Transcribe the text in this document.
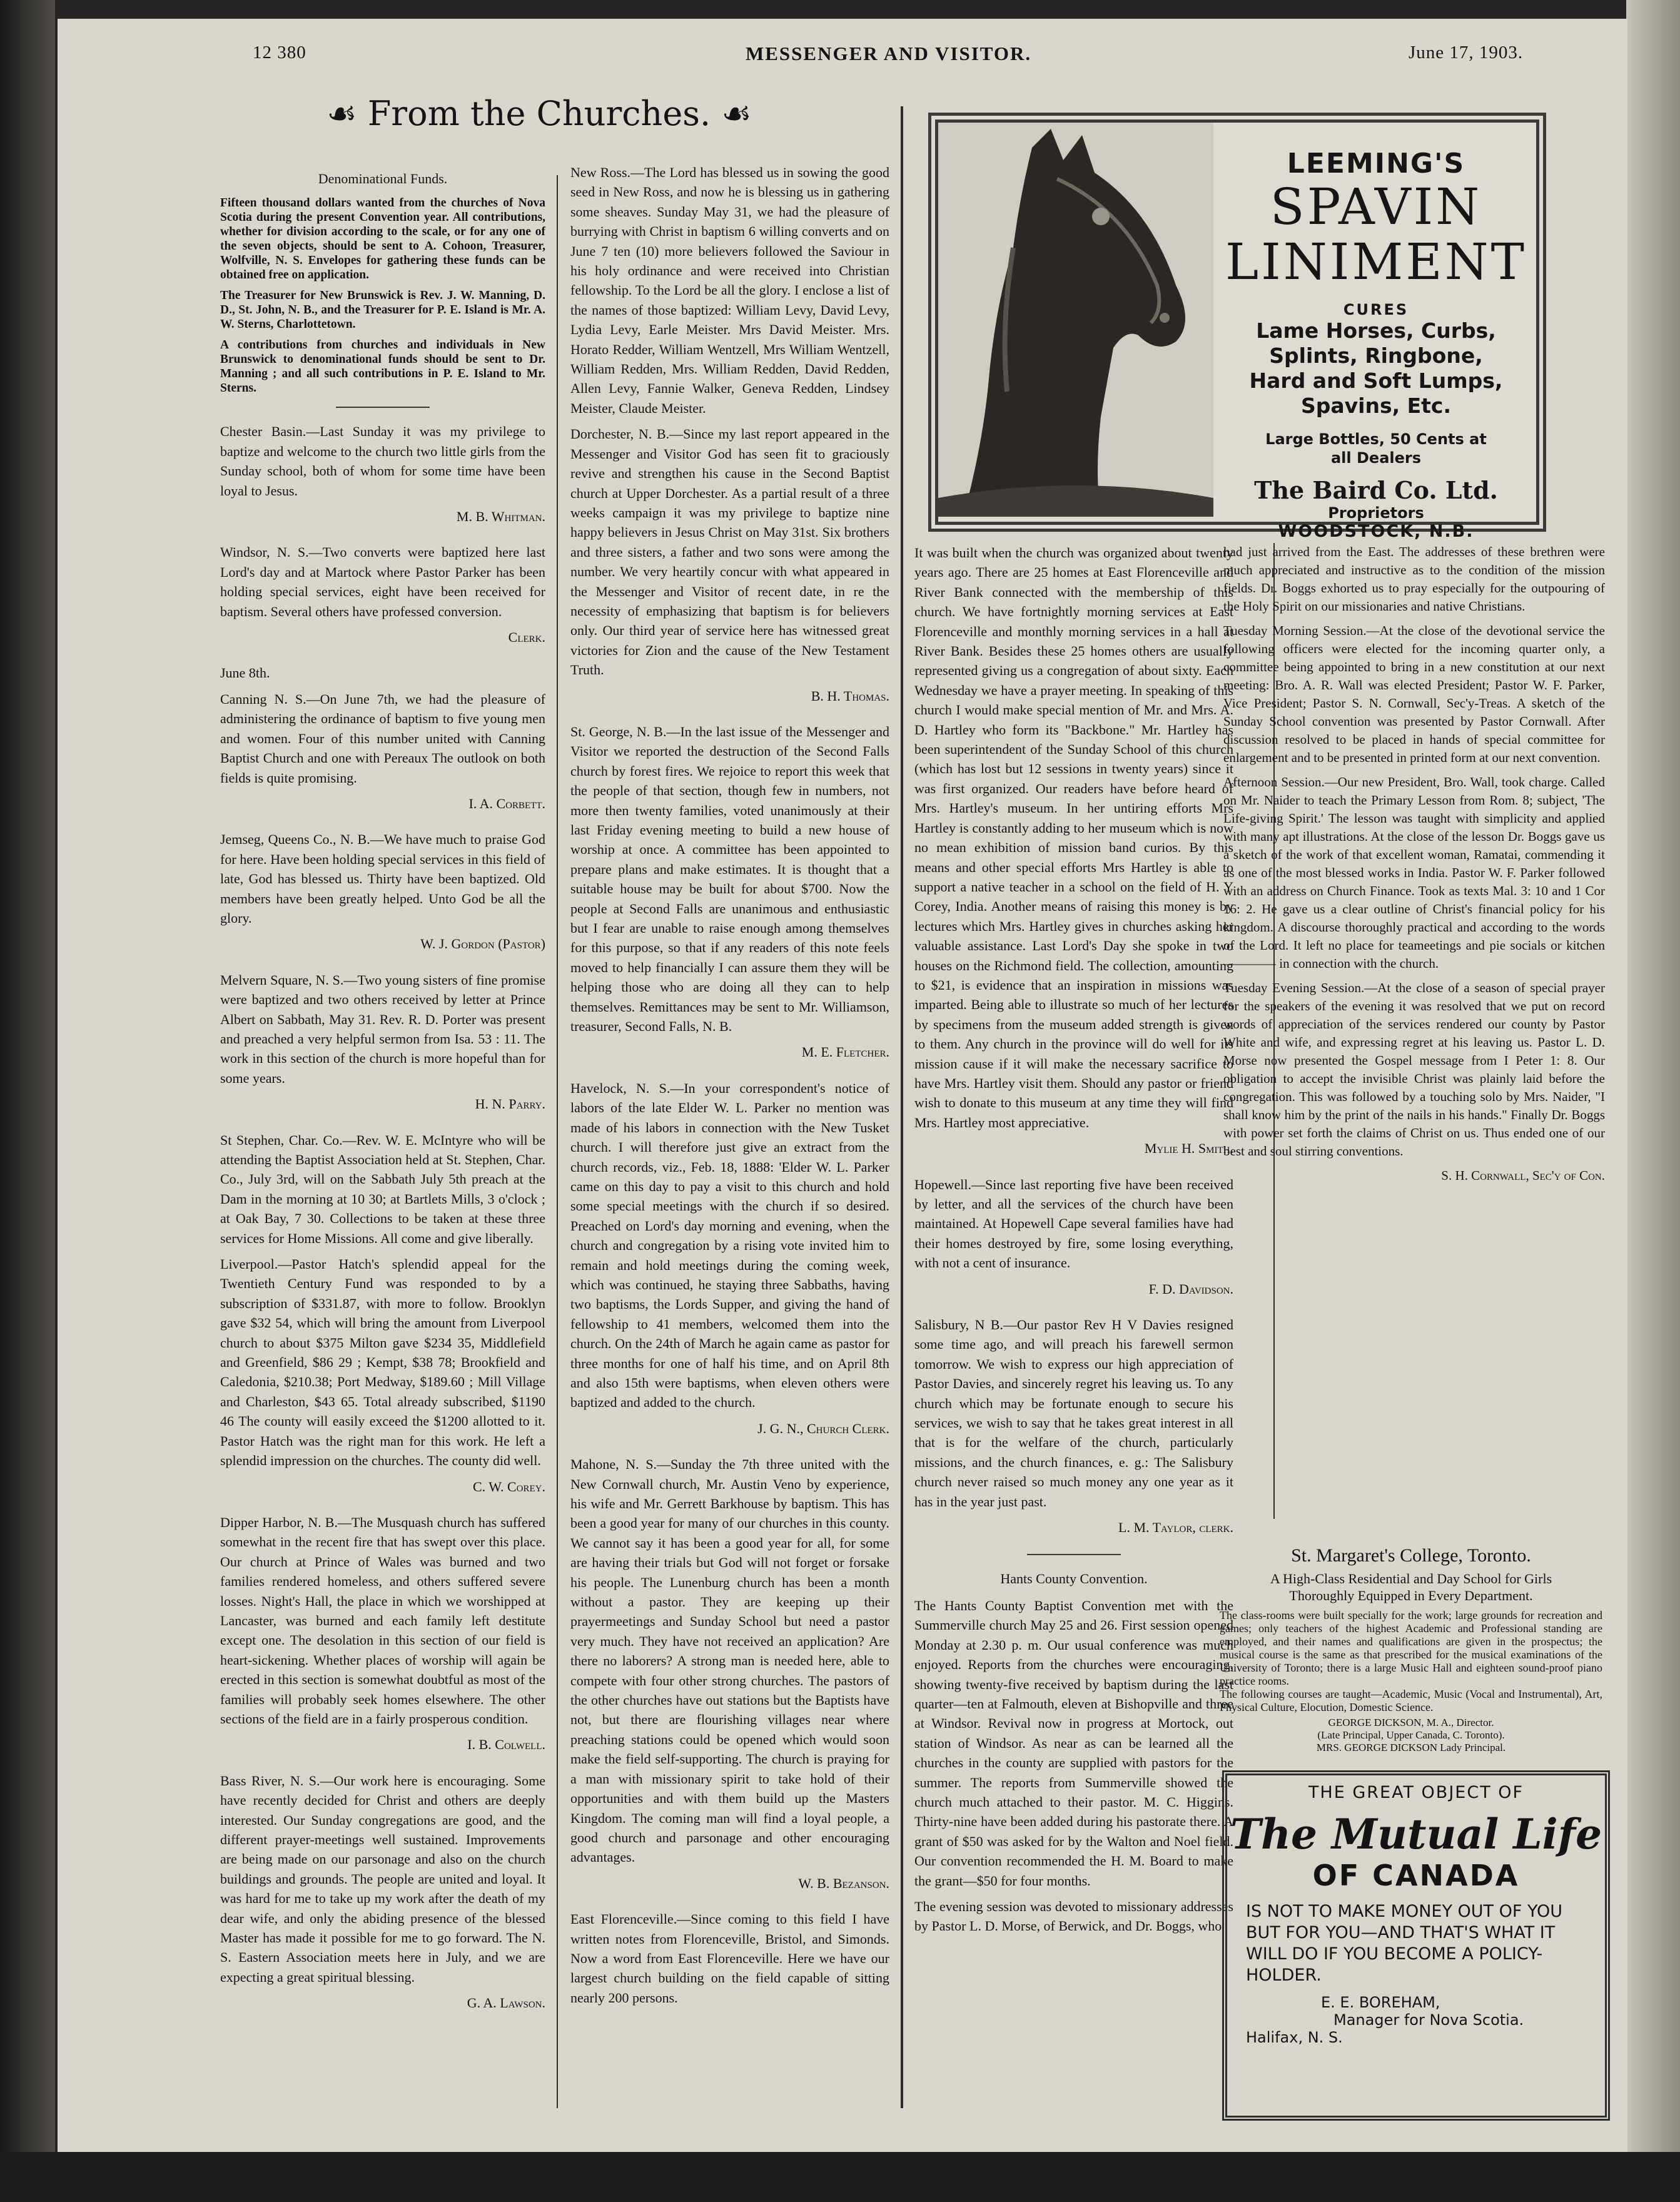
12 380	MESSENGER AND VISITOR.	June 17, 1903.
☙ From the Churches. ☙

Denominational Funds.

Fifteen thousand dollars wanted from the churches of Nova Scotia during the present Convention year. All contributions, whether for division according to the scale, or for any one of the seven objects, should be sent to A. Cohoon, Treasurer, Wolfville, N. S. Envelopes for gathering these funds can be obtained free on application.

The Treasurer for New Brunswick is Rev. J. W. Manning, D. D., St. John, N. B., and the Treasurer for P. E. Island is Mr. A. W. Sterns, Charlottetown.

A contributions from churches and individuals in New Brunswick to denominational funds should be sent to Dr. Manning ; and all such contributions in P. E. Island to Mr. Sterns.

Chester Basin.—Last Sunday it was my privilege to baptize and welcome to the church two little girls from the Sunday school, both of whom for some time have been loyal to Jesus.

M. B. Whitman.

Windsor, N. S.—Two converts were baptized here last Lord's day and at Martock where Pastor Parker has been holding special services, eight have been received for baptism. Several others have professed conversion.

Clerk.

June 8th.

Canning N. S.—On June 7th, we had the pleasure of administering the ordinance of baptism to five young men and women. Four of this number united with Canning Baptist Church and one with Pereaux The outlook on both fields is quite promising.

I. A. Corbett.

Jemseg, Queens Co., N. B.—We have much to praise God for here. Have been holding special services in this field of late, God has blessed us. Thirty have been baptized. Old members have been greatly helped. Unto God be all the glory.

W. J. Gordon (Pastor)

Melvern Square, N. S.—Two young sisters of fine promise were baptized and two others received by letter at Prince Albert on Sabbath, May 31. Rev. R. D. Porter was present and preached a very helpful sermon from Isa. 53 : 11. The work in this section of the church is more hopeful than for some years.

H. N. Parry.

St Stephen, Char. Co.—Rev. W. E. McIntyre who will be attending the Baptist Association held at St. Stephen, Char. Co., July 3rd, will on the Sabbath July 5th preach at the Dam in the morning at 10 30; at Bartlets Mills, 3 o'clock ; at Oak Bay, 7 30. Collections to be taken at these three services for Home Missions. All come and give liberally.

Liverpool.—Pastor Hatch's splendid appeal for the Twentieth Century Fund was responded to by a subscription of $331.87, with more to follow. Brooklyn gave $32 54, which will bring the amount from Liverpool church to about $375 Milton gave $234 35, Middlefield and Greenfield, $86 29 ; Kempt, $38 78; Brookfield and Caledonia, $210.38; Port Medway, $189.60 ; Mill Village and Charleston, $43 65. Total already subscribed, $1190 46 The county will easily exceed the $1200 allotted to it. Pastor Hatch was the right man for this work. He left a splendid impression on the churches. The county did well.

C. W. Corey.

Dipper Harbor, N. B.—The Musquash church has suffered somewhat in the recent fire that has swept over this place. Our church at Prince of Wales was burned and two families rendered homeless, and others suffered severe losses. Night's Hall, the place in which we worshipped at Lancaster, was burned and each family left destitute except one. The desolation in this section of our field is heart-sickening. Whether places of worship will again be erected in this section is somewhat doubtful as most of the families will probably seek homes elsewhere. The other sections of the field are in a fairly prosperous condition.

I. B. Colwell.

Bass River, N. S.—Our work here is encouraging. Some have recently decided for Christ and others are deeply interested. Our Sunday congregations are good, and the different prayer-meetings well sustained. Improvements are being made on our parsonage and also on the church buildings and grounds. The people are united and loyal. It was hard for me to take up my work after the death of my dear wife, and only the abiding presence of the blessed Master has made it possible for me to go forward. The N. S. Eastern Association meets here in July, and we are expecting a great spiritual blessing.

G. A. Lawson.

New Ross.—The Lord has blessed us in sowing the good seed in New Ross, and now he is blessing us in gathering some sheaves. Sunday May 31, we had the pleasure of burrying with Christ in baptism 6 willing converts and on June 7 ten (10) more believers followed the Saviour in his holy ordinance and were received into Christian fellowship. To the Lord be all the glory. I enclose a list of the names of those baptized: William Levy, David Levy, Lydia Levy, Earle Meister. Mrs David Meister. Mrs. Horato Redder, William Wentzell, Mrs William Wentzell, William Redden, Mrs. William Redden, David Redden, Allen Levy, Fannie Walker, Geneva Redden, Lindsey Meister, Claude Meister.

Dorchester, N. B.—Since my last report appeared in the Messenger and Visitor God has seen fit to graciously revive and strengthen his cause in the Second Baptist church at Upper Dorchester. As a partial result of a three weeks campaign it was my privilege to baptize nine happy believers in Jesus Christ on May 31st. Six brothers and three sisters, a father and two sons were among the number. We very heartily concur with what appeared in the Messenger and Visitor of recent date, in re the necessity of emphasizing that baptism is for believers only. Our third year of service here has witnessed great victories for Zion and the cause of the New Testament Truth.

B. H. Thomas.

St. George, N. B.—In the last issue of the Messenger and Visitor we reported the destruction of the Second Falls church by forest fires. We rejoice to report this week that the people of that section, though few in numbers, not more then twenty families, voted unanimously at their last Friday evening meeting to build a new house of worship at once. A committee has been appointed to prepare plans and make estimates. It is thought that a suitable house may be built for about $700. Now the people at Second Falls are unanimous and enthusiastic but I fear are unable to raise enough among themselves for this purpose, so that if any readers of this note feels moved to help financially I can assure them they will be helping those who are doing all they can to help themselves. Remittances may be sent to Mr. Williamson, treasurer, Second Falls, N. B.

M. E. Fletcher.

Havelock, N. S.—In your correspondent's notice of labors of the late Elder W. L. Parker no mention was made of his labors in connection with the New Tusket church. I will therefore just give an extract from the church records, viz., Feb. 18, 1888: 'Elder W. L. Parker came on this day to pay a visit to this church and hold some special meetings with the church if so desired. Preached on Lord's day morning and evening, when the church and congregation by a rising vote invited him to remain and hold meetings during the coming week, which was continued, he staying three Sabbaths, having two baptisms, the Lords Supper, and giving the hand of fellowship to 41 members, welcomed them into the church. On the 24th of March he again came as pastor for three months for one of half his time, and on April 8th and also 15th were baptisms, when eleven others were baptized and added to the church.

J. G. N., Church Clerk.

Mahone, N. S.—Sunday the 7th three united with the New Cornwall church, Mr. Austin Veno by experience, his wife and Mr. Gerrett Barkhouse by baptism. This has been a good year for many of our churches in this county. We cannot say it has been a good year for all, for some are having their trials but God will not forget or forsake his people. The Lunenburg church has been a month without a pastor. They are keeping up their prayermeetings and Sunday School but need a pastor very much. They have not received an application? Are there no laborers? A strong man is needed here, able to compete with four other strong churches. The pastors of the other churches have out stations but the Baptists have not, but there are flourishing villages near where preaching stations could be opened which would soon make the field self-supporting. The church is praying for a man with missionary spirit to take hold of their opportunities and with them build up the Masters Kingdom. The coming man will find a loyal people, a good church and parsonage and other encouraging advantages.

W. B. Bezanson.

East Florenceville.—Since coming to this field I have written notes from Florenceville, Bristol, and Simonds. Now a word from East Florenceville. Here we have our largest church building on the field capable of sitting nearly 200 persons.

LEEMING'S
SPAVIN
LINIMENT
CURES
Lame Horses, Curbs, Splints, Ringbone, Hard and Soft Lumps, Spavins, Etc.
Large Bottles, 50 Cents at all Dealers
The Baird Co. Ltd.
Proprietors
WOODSTOCK, N.B.

It was built when the church was organized about twenty years ago. There are 25 homes at East Florenceville and River Bank connected with the membership of this church. We have fortnightly morning services at East Florenceville and monthly morning services in a hall at River Bank. Besides these 25 homes others are usually represented giving us a congregation of about sixty. Each Wednesday we have a prayer meeting. In speaking of this church I would make special mention of Mr. and Mrs. A. D. Hartley who form its "Backbone." Mr. Hartley has been superintendent of the Sunday School of this church (which has lost but 12 sessions in twenty years) since it was first organized. Our readers have before heard of Mrs. Hartley's museum. In her untiring efforts Mrs Hartley is constantly adding to her museum which is now no mean exhibition of mission band curios. By this means and other special efforts Mrs Hartley is able to support a native teacher in a school on the field of H. Y Corey, India. Another means of raising this money is by lectures which Mrs. Hartley gives in churches asking her valuable assistance. Last Lord's Day she spoke in two houses on the Richmond field. The collection, amounting to $21, is evidence that an inspiration in missions was imparted. Being able to illustrate so much of her lectures by specimens from the museum added strength is given to them. Any church in the province will do well for its mission cause if it will make the necessary sacrifice to have Mrs. Hartley visit them. Should any pastor or friend wish to donate to this museum at any time they will find Mrs. Hartley most appreciative.

Mylie H. Smith.

Hopewell.—Since last reporting five have been received by letter, and all the services of the church have been maintained. At Hopewell Cape several families have had their homes destroyed by fire, some losing everything, with not a cent of insurance.

F. D. Davidson.

Salisbury, N B.—Our pastor Rev H V Davies resigned some time ago, and will preach his farewell sermon tomorrow. We wish to express our high appreciation of Pastor Davies, and sincerely regret his leaving us. To any church which may be fortunate enough to secure his services, we wish to say that he takes great interest in all that is for the welfare of the church, particularly missions, and the church finances, e. g.: The Salisbury church never raised so much money any one year as it has in the year just past.

L. M. Taylor, clerk.

Hants County Convention.

The Hants County Baptist Convention met with the Summerville church May 25 and 26. First session opened Monday at 2.30 p. m. Our usual conference was much enjoyed. Reports from the churches were encouraging, showing twenty-five received by baptism during the last quarter—ten at Falmouth, eleven at Bishopville and three at Windsor. Revival now in progress at Mortock, out station of Windsor. As near as can be learned all the churches in the county are supplied with pastors for the summer. The reports from Summerville showed the church much attached to their pastor. M. C. Higgins. Thirty-nine have been added during his pastorate there. A grant of $50 was asked for by the Walton and Noel field. Our convention recommended the H. M. Board to make the grant—$50 for four months.

The evening session was devoted to missionary addresses by Pastor L. D. Morse, of Berwick, and Dr. Boggs, who

had just arrived from the East. The addresses of these brethren were much appreciated and instructive as to the condition of the mission fields. Dr. Boggs exhorted us to pray especially for the outpouring of the Holy Spirit on our missionaries and native Christians.

Tuesday Morning Session.—At the close of the devotional service the following officers were elected for the incoming quarter only, a committee being appointed to bring in a new constitution at our next meeting: Bro. A. R. Wall was elected President; Pastor W. F. Parker, Vice President; Pastor S. N. Cornwall, Sec'y-Treas. A sketch of the Sunday School convention was presented by Pastor Cornwall. After discussion resolved to be placed in hands of special committee for enlargement and to be presented in printed form at our next convention.

Afternoon Session.—Our new President, Bro. Wall, took charge. Called on Mr. Naider to teach the Primary Lesson from Rom. 8; subject, 'The Life-giving Spirit.' The lesson was taught with simplicity and applied with many apt illustrations. At the close of the lesson Dr. Boggs gave us a sketch of the work of that excellent woman, Ramatai, commending it as one of the most blessed works in India. Pastor W. F. Parker followed with an address on Church Finance. Took as texts Mal. 3: 10 and 1 Cor 16: 2. He gave us a clear outline of Christ's financial policy for his kingdom. A discourse thoroughly practical and according to the words of the Lord. It left no place for teameetings and pie socials or kitchen ———— in connection with the church.

Tuesday Evening Session.—At the close of a season of special prayer for the speakers of the evening it was resolved that we put on record words of appreciation of the services rendered our county by Pastor White and wife, and expressing regret at his leaving us. Pastor L. D. Morse now presented the Gospel message from I Peter 1: 8. Our obligation to accept the invisible Christ was plainly laid before the congregation. This was followed by a touching solo by Mrs. Naider, "I shall know him by the print of the nails in his hands." Finally Dr. Boggs with power set forth the claims of Christ on us. Thus ended one of our best and soul stirring conventions.

S. H. Cornwall, Sec'y of Con.

St. Margaret's College, Toronto.
A High-Class Residential and Day School for Girls Thoroughly Equipped in Every Department.
The class-rooms were built specially for the work; large grounds for recreation and games; only teachers of the highest Academic and Professional standing are employed, and their names and qualifications are given in the prospectus; the musical course is the same as that prescribed for the musical examinations of the University of Toronto; there is a large Music Hall and eighteen sound-proof piano practice rooms.
The following courses are taught—Academic, Music (Vocal and Instrumental), Art, Physical Culture, Elocution, Domestic Science.
GEORGE DICKSON, M. A., Director.
(Late Principal, Upper Canada, C. Toronto).
MRS. GEORGE DICKSON Lady Principal.
THE GREAT OBJECT OF
The Mutual Life
OF CANADA
IS NOT TO MAKE MONEY OUT OF YOU BUT FOR YOU—AND THAT'S WHAT IT WILL DO IF YOU BECOME A POLICY-HOLDER.
E. E. BOREHAM,
Manager for Nova Scotia.
Halifax, N. S.
